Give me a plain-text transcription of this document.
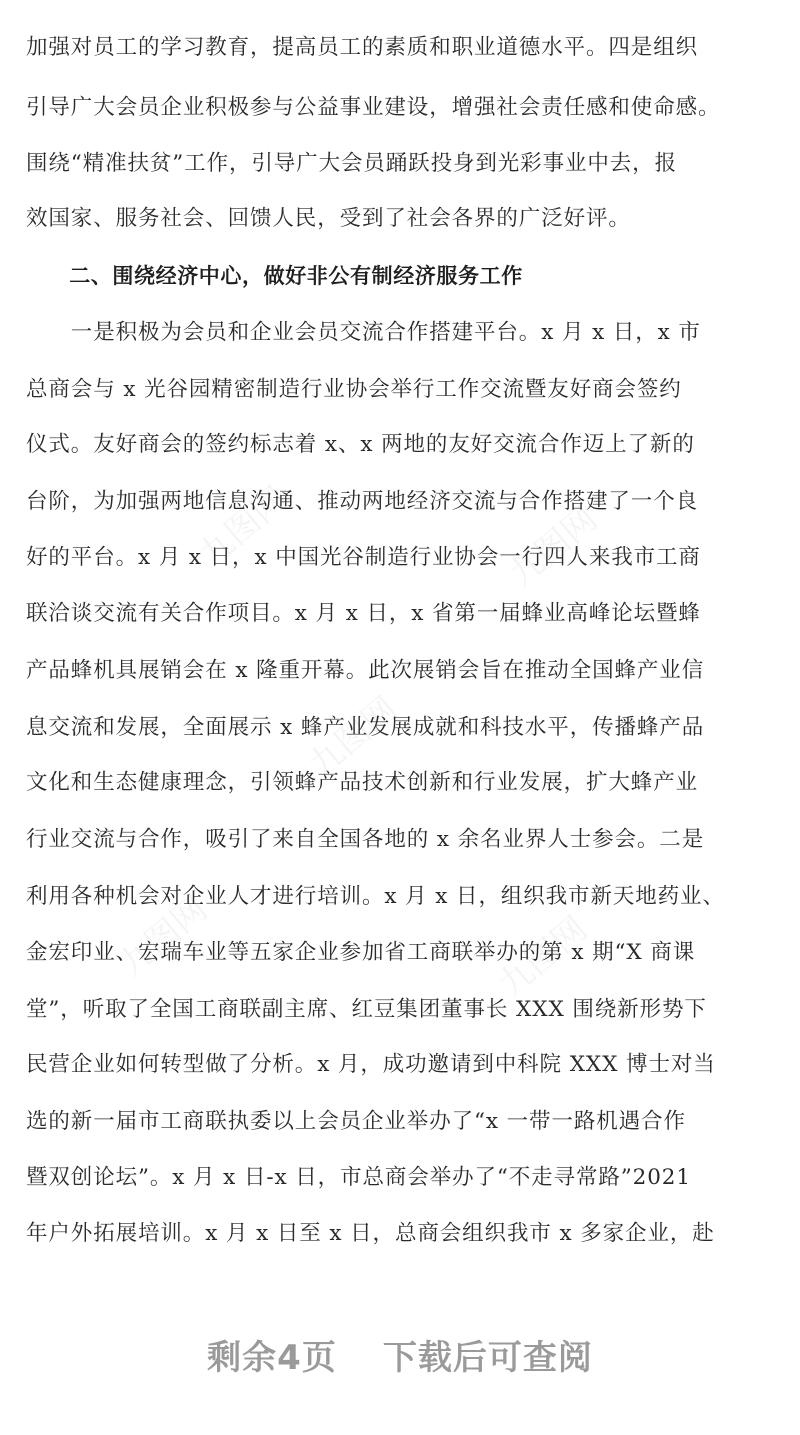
九图网	九图网
九图网
九图网	九图网
加强对员工的学习教育，提高员工的素质和职业道德水平。四是组织
引导广大会员企业积极参与公益事业建设，增强社会责任感和使命感。
围绕“精准扶贫”工作，引导广大会员踊跃投身到光彩事业中去，报
效国家、服务社会、回馈人民，受到了社会各界的广泛好评。
　　二、围绕经济中心，做好非公有制经济服务工作
　　一是积极为会员和企业会员交流合作搭建平台。x 月 x 日，x 市
总商会与 x 光谷园精密制造行业协会举行工作交流暨友好商会签约
仪式。友好商会的签约标志着 x、x 两地的友好交流合作迈上了新的
台阶，为加强两地信息沟通、推动两地经济交流与合作搭建了一个良
好的平台。x 月 x 日，x 中国光谷制造行业协会一行四人来我市工商
联洽谈交流有关合作项目。x 月 x 日，x 省第一届蜂业高峰论坛暨蜂
产品蜂机具展销会在 x 隆重开幕。此次展销会旨在推动全国蜂产业信
息交流和发展，全面展示 x 蜂产业发展成就和科技水平，传播蜂产品
文化和生态健康理念，引领蜂产品技术创新和行业发展，扩大蜂产业
行业交流与合作，吸引了来自全国各地的 x 余名业界人士参会。二是
利用各种机会对企业人才进行培训。x 月 x 日，组织我市新天地药业、
金宏印业、宏瑞车业等五家企业参加省工商联举办的第 x 期“X 商课
堂”，听取了全国工商联副主席、红豆集团董事长 XXX 围绕新形势下
民营企业如何转型做了分析。x 月，成功邀请到中科院 XXX 博士对当
选的新一届市工商联执委以上会员企业举办了“x 一带一路机遇合作
暨双创论坛”。x 月 x 日-x 日，市总商会举办了“不走寻常路”2021
年户外拓展培训。x 月 x 日至 x 日，总商会组织我市 x 多家企业，赴
剩余4页 下载后可查阅
